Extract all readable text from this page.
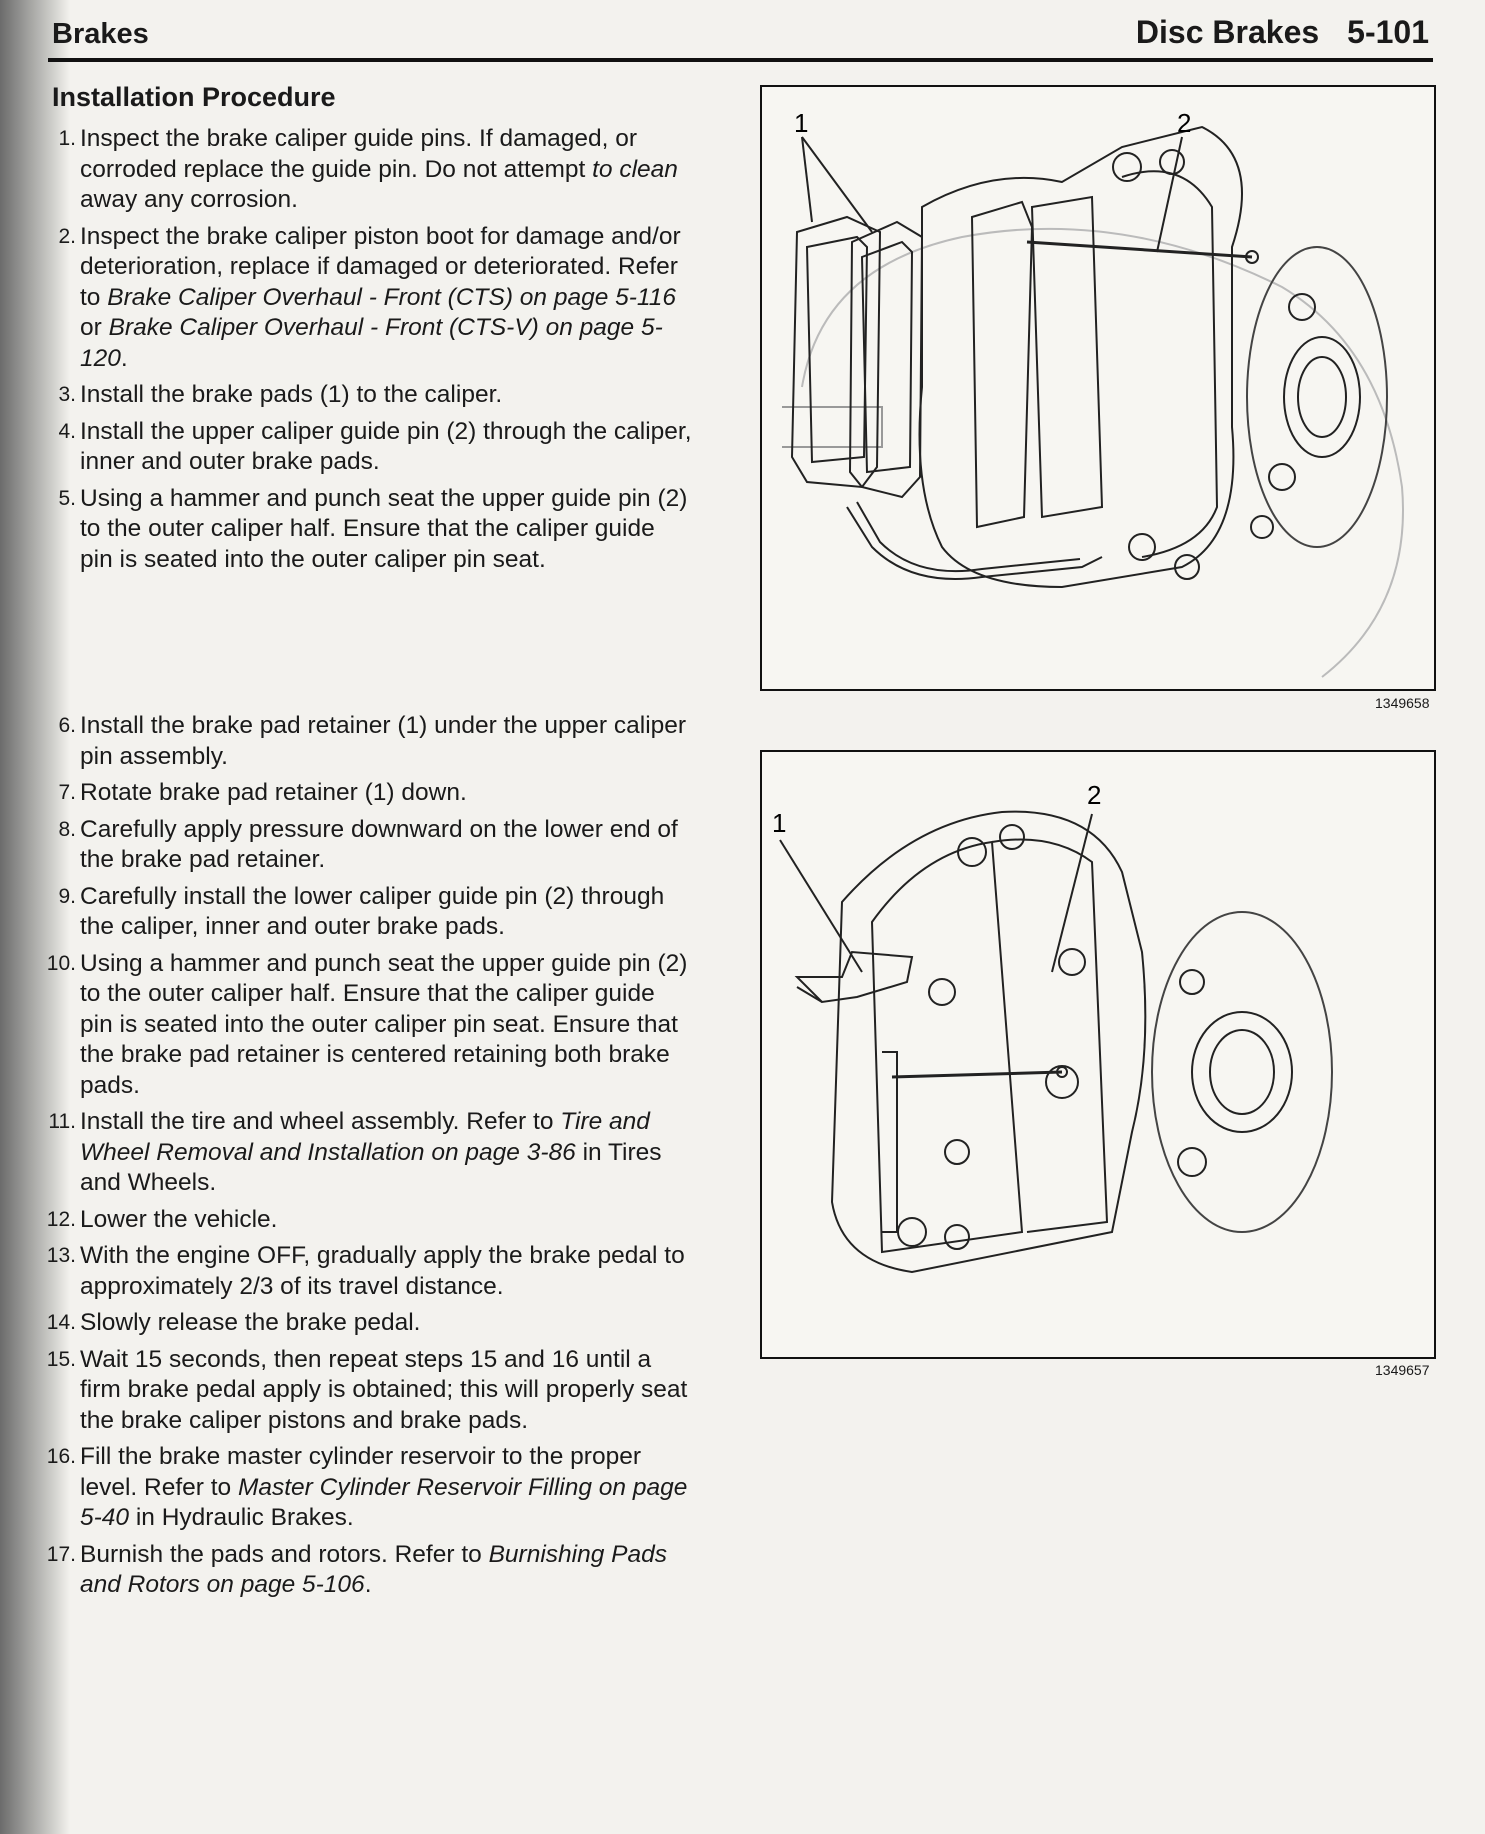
Brakes	Disc Brakes 5-101
Installation Procedure
1. Inspect the brake caliper guide pins. If damaged, or corroded replace the guide pin. Do not attempt to clean away any corrosion.
2. Inspect the brake caliper piston boot for damage and/or deterioration, replace if damaged or deteriorated. Refer to Brake Caliper Overhaul - Front (CTS) on page 5-116 or Brake Caliper Overhaul - Front (CTS-V) on page 5-120.
3. Install the brake pads (1) to the caliper.
4. Install the upper caliper guide pin (2) through the caliper, inner and outer brake pads.
5. Using a hammer and punch seat the upper guide pin (2) to the outer caliper half. Ensure that the caliper guide pin is seated into the outer caliper pin seat.
6. Install the brake pad retainer (1) under the upper caliper pin assembly.
7. Rotate brake pad retainer (1) down.
8. Carefully apply pressure downward on the lower end of the brake pad retainer.
9. Carefully install the lower caliper guide pin (2) through the caliper, inner and outer brake pads.
10. Using a hammer and punch seat the upper guide pin (2) to the outer caliper half. Ensure that the caliper guide pin is seated into the outer caliper pin seat. Ensure that the brake pad retainer is centered retaining both brake pads.
11. Install the tire and wheel assembly. Refer to Tire and Wheel Removal and Installation on page 3-86 in Tires and Wheels.
12. Lower the vehicle.
13. With the engine OFF, gradually apply the brake pedal to approximately 2/3 of its travel distance.
14. Slowly release the brake pedal.
15. Wait 15 seconds, then repeat steps 15 and 16 until a firm brake pedal apply is obtained; this will properly seat the brake caliper pistons and brake pads.
16. Fill the brake master cylinder reservoir to the proper level. Refer to Master Cylinder Reservoir Filling on page 5-40 in Hydraulic Brakes.
17. Burnish the pads and rotors. Refer to Burnishing Pads and Rotors on page 5-106.
1	2
1349658
1
2
1349657
